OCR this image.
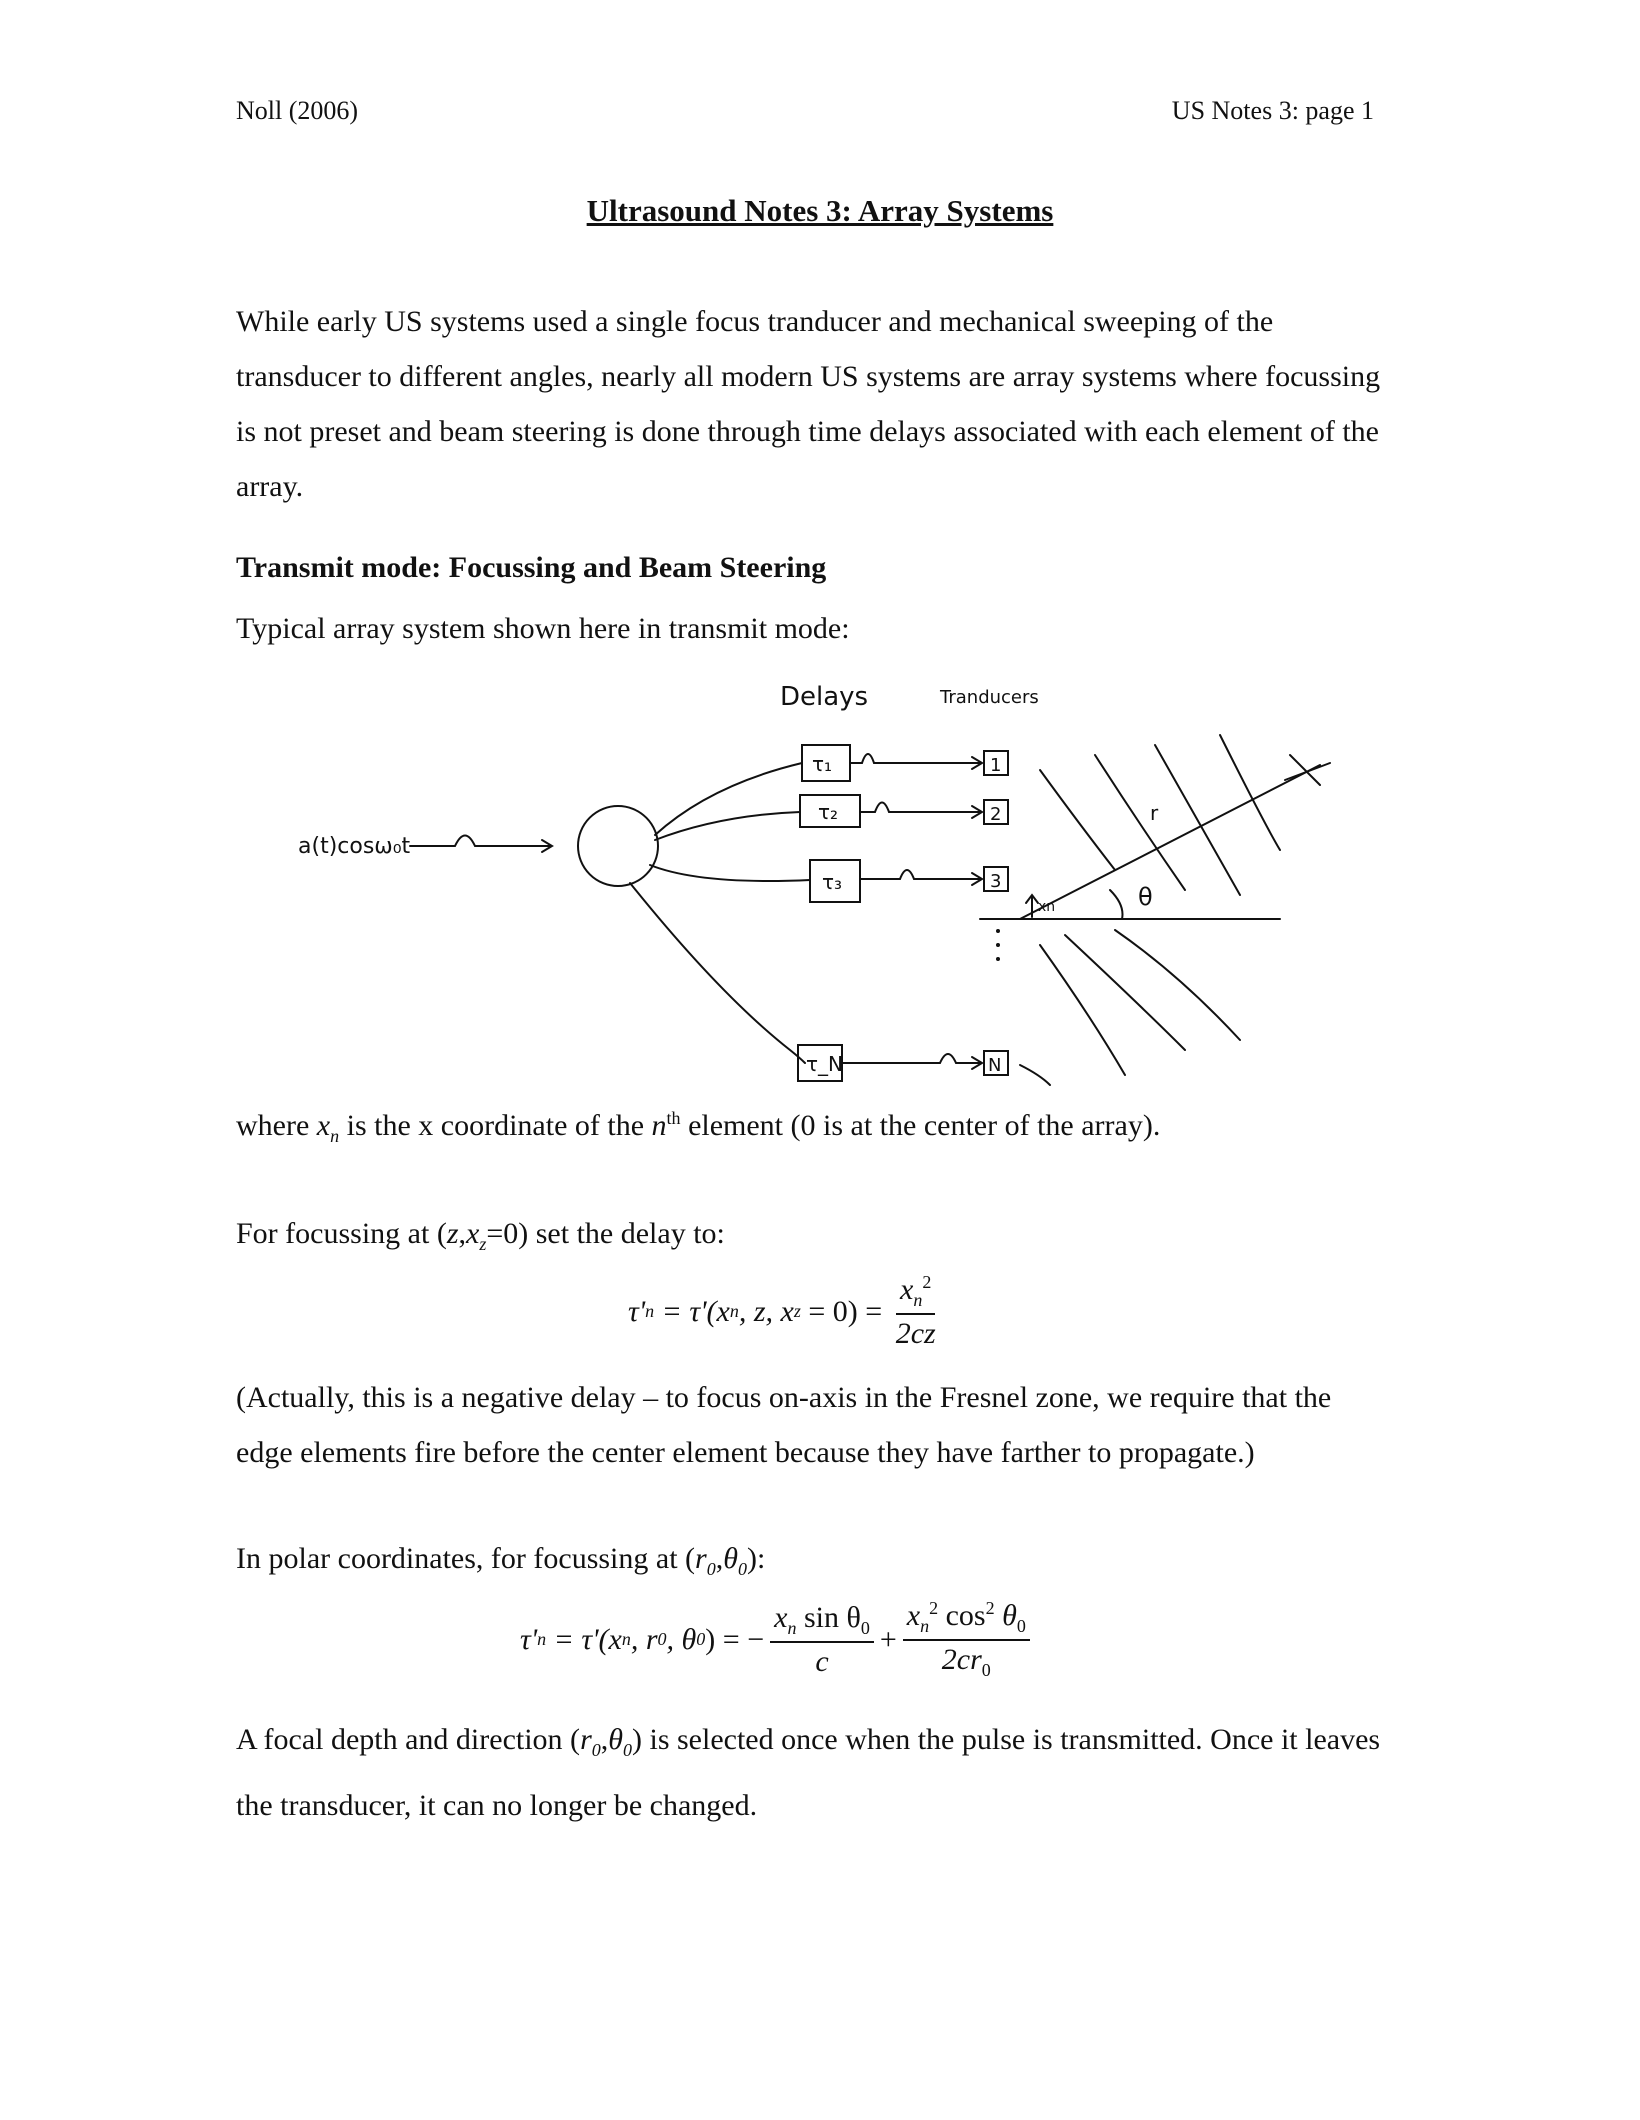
Noll (2006)	US Notes 3: page 1
Ultrasound Notes 3: Array Systems
While early US systems used a single focus tranducer and mechanical sweeping of the transducer to different angles, nearly all modern US systems are array systems where focussing is not preset and beam steering is done through time delays associated with each element of the array.
Transmit mode: Focussing and Beam Steering
Typical array system shown here in transmit mode:
Delays	Tranducers
a(t)cosω₀t
τ₁
τ₂
τ₃
τ_N
1
2
3
N
r
θ
xn
where $x_n$ is the x coordinate of the $n^{th}$ element (0 is at the center of the array).
For focussing at $(z,x_z=0)$ set the delay to:
τ' n = τ'(x n , z, x $z = 0) = \frac{x_n^2}{2cz}$
(Actually, this is a negative delay – to focus on-axis in the Fresnel zone, we require that the edge elements fire before the center element because they have farther to propagate.)
In polar coordinates, for focussing at $(r_0,\theta_0)$:
τ' n = τ'(x n , r 0 , θ 0 ) = − $\frac{x_n \sin \theta_0}{c} + \frac{x_n^2 \cos^2 \theta_0}{2cr_0}$
A focal depth and direction $(r_0,\theta_0)$ is selected once when the pulse is transmitted. Once it leaves the transducer, it can no longer be changed.
